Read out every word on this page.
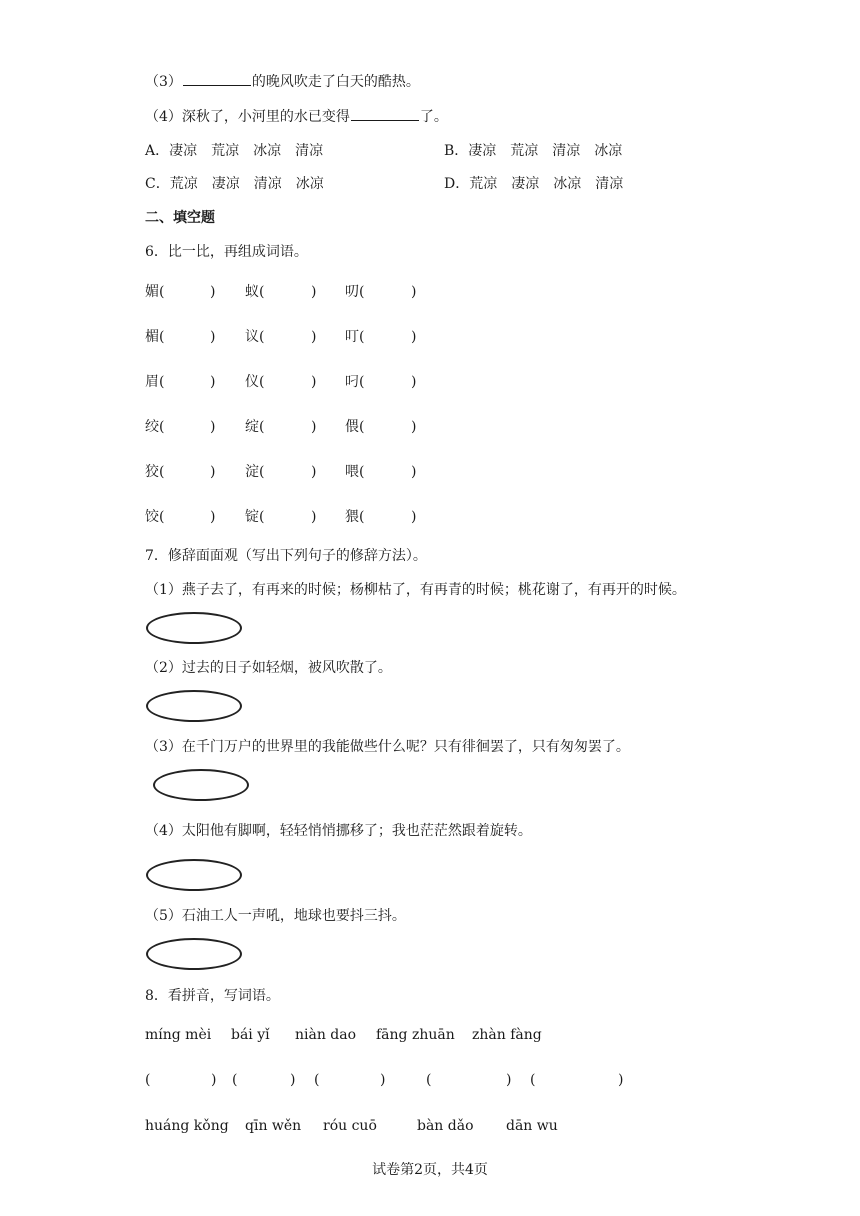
（3）	的晚风吹走了白天的酷热。
（4）深秋了，小河里的水已变得	了。
A．凄凉　荒凉　冰凉　清凉	B．凄凉　荒凉　清凉　冰凉
C．荒凉　凄凉　清凉　冰凉	D．荒凉　凄凉　冰凉　清凉
二、填空题
6．比一比，再组成词语。
媚(	) 蚁(	) 叨(	)
楣(	) 议(	) 叮(	)
眉(	) 仪(	) 叼(	)
绞(	) 绽(	) 偎(	)
狡(	) 淀(	) 喂(	)
饺(	) 锭(	) 猥(	)
7．修辞面面观（写出下列句子的修辞方法）。
（1）燕子去了，有再来的时候；杨柳枯了，有再青的时候；桃花谢了，有再开的时候。
（2）过去的日子如轻烟，被风吹散了。
（3）在千门万户的世界里的我能做些什么呢？只有徘徊罢了，只有匆匆罢了。
（4）太阳他有脚啊，轻轻悄悄挪移了；我也茫茫然跟着旋转。
（5）石油工人一声吼，地球也要抖三抖。
8．看拼音，写词语。
míng mèi bái yǐ niàn dao fāng zhuān zhàn fàng
(	) (	) (	)	(	) (	)
huáng kǒng qīn wěn róu cuō	bàn dǎo dān wu
试卷第2页，共4页
